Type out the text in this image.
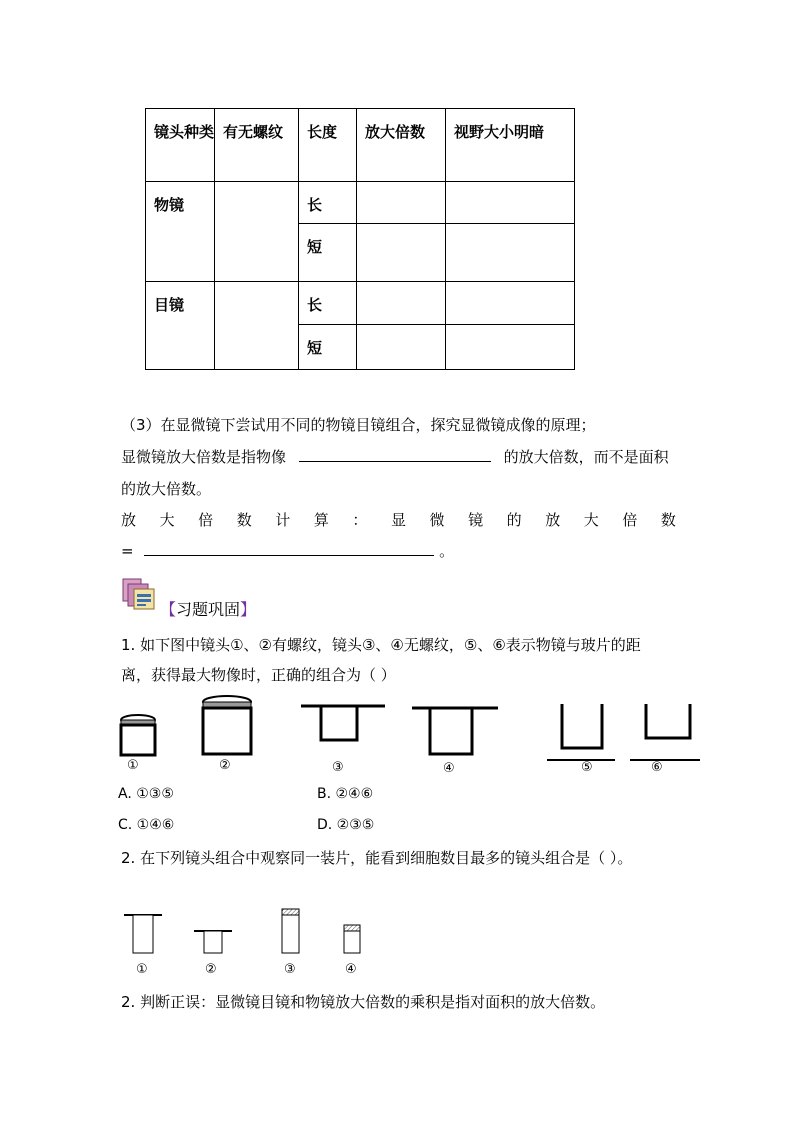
镜头种类	有无螺纹	长度	放大倍数	视野大小明暗

物镜		长		

		短		

目镜		长		

		短		

（3）在显微镜下尝试用不同的物镜目镜组合，探究显微镜成像的原理；
显微镜放大倍数是指物像	的放大倍数，而不是面积
的放大倍数。
放 大 倍 数 计 算 ： 显 微 镜 的 放 大 倍 数
=	。
【习题巩固】
1. 如下图中镜头①、②有螺纹，镜头③、④无螺纹，⑤、⑥表示物镜与玻片的距
离，获得最大物像时，正确的组合为（ ）
①	②	③	④	⑤	⑥
A. ①③⑤	B. ②④⑥
C. ①④⑥	D. ②③⑤
2. 在下列镜头组合中观察同一装片，能看到细胞数目最多的镜头组合是（ ）。
①	②	③	④
2. 判断正误：显微镜目镜和物镜放大倍数的乘积是指对面积的放大倍数。
